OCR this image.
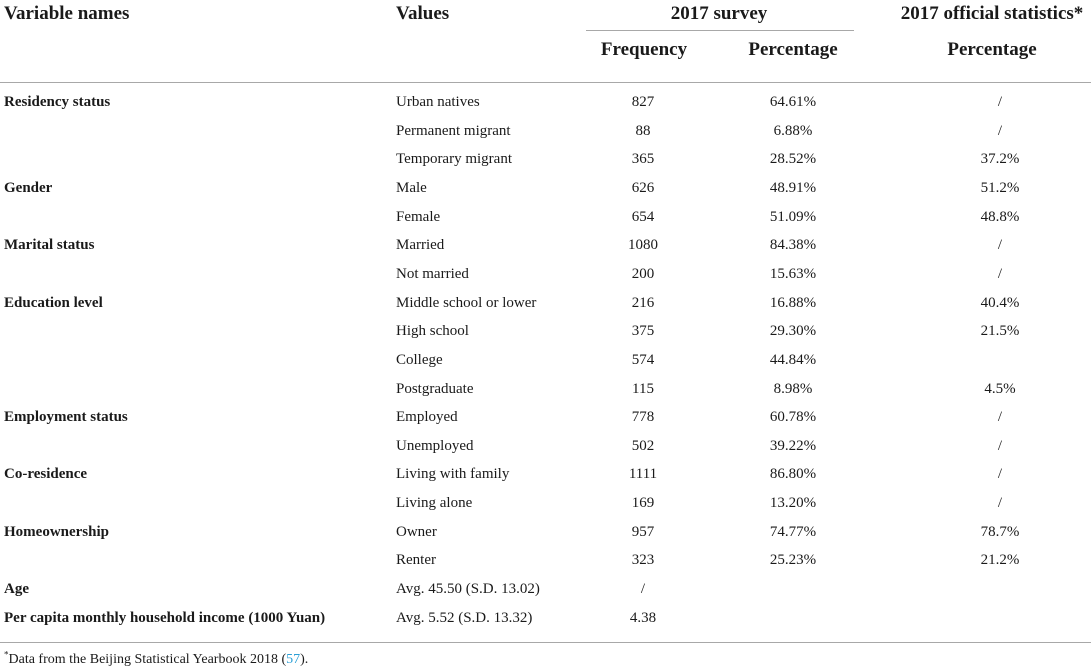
Variable names	Values	2017 survey	2017 official statistics*
Frequency	Percentage	Percentage
Residency status	Urban natives	827	64.61%	/
Permanent migrant	88	6.88%	/
Temporary migrant	365	28.52%	37.2%
Gender	Male	626	48.91%	51.2%
Female	654	51.09%	48.8%
Marital status	Married	1080	84.38%	/
Not married	200	15.63%	/
Education level	Middle school or lower	216	16.88%	40.4%
High school	375	29.30%	21.5%
College	574	44.84%
Postgraduate	115	8.98%	4.5%
Employment status	Employed	778	60.78%	/
Unemployed	502	39.22%	/
Co-residence	Living with family	1111	86.80%	/
Living alone	169	13.20%	/
Homeownership	Owner	957	74.77%	78.7%
Renter	323	25.23%	21.2%
Age	Avg. 45.50 (S.D. 13.02)	/
Per capita monthly household income (1000 Yuan)	Avg. 5.52 (S.D. 13.32)	4.38
*Data from the Beijing Statistical Yearbook 2018 (57).
